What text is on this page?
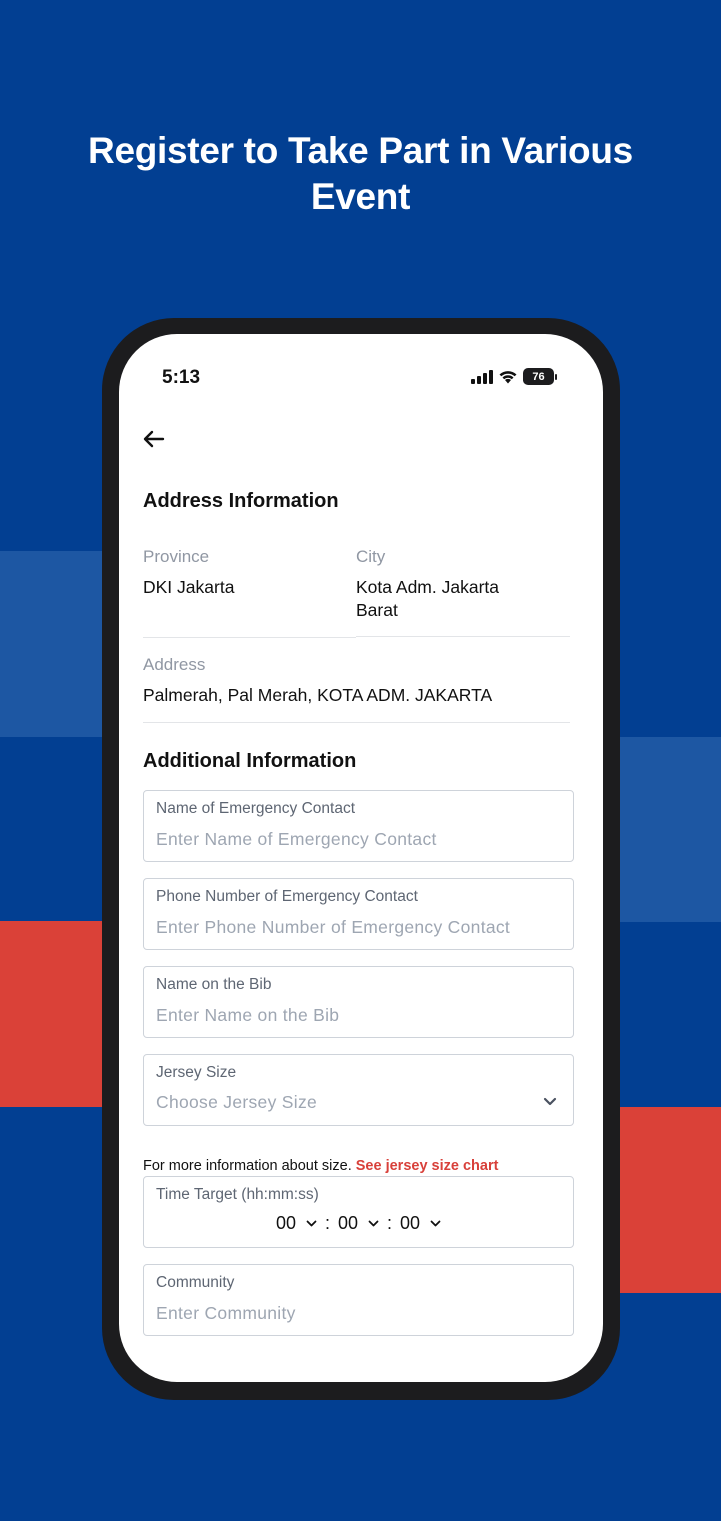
Register to Take Part in Various Event
5:13	76
Address Information
Province
DKI Jakarta
City
Kota Adm. Jakarta
Barat
Address
Palmerah, Pal Merah, KOTA ADM. JAKARTA
Additional Information
Name of Emergency Contact
Enter Name of Emergency Contact
Phone Number of Emergency Contact
Enter Phone Number of Emergency Contact
Name on the Bib
Enter Name on the Bib
Jersey Size
Choose Jersey Size
For more information about size. See jersey size chart
Time Target (hh:mm:ss)
00 : 00 : 00
Community
Enter Community
